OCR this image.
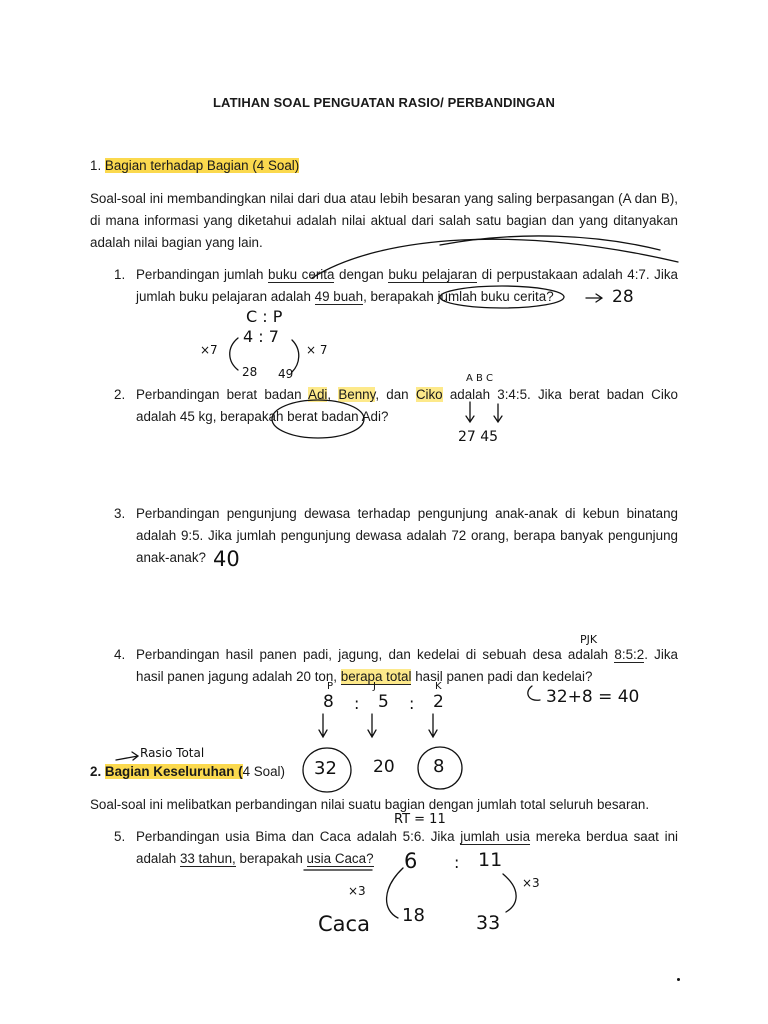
LATIHAN SOAL PENGUATAN RASIO/ PERBANDINGAN
1. Bagian terhadap Bagian (4 Soal)
Soal-soal ini membandingkan nilai dari dua atau lebih besaran yang saling berpasangan (A dan B), di mana informasi yang diketahui adalah nilai aktual dari salah satu bagian dan yang ditanyakan adalah nilai bagian yang lain.
1. Perbandingan jumlah buku cerita dengan buku pelajaran di perpustakaan adalah 4:7. Jika jumlah buku pelajaran adalah 49 buah, berapakah jumlah buku cerita?
2. Perbandingan berat badan Adi, Benny, dan Ciko adalah 3:4:5. Jika berat badan Ciko adalah 45 kg, berapakah berat badan Adi?
3. Perbandingan pengunjung dewasa terhadap pengunjung anak-anak di kebun binatang adalah 9:5. Jika jumlah pengunjung dewasa adalah 72 orang, berapa banyak pengunjung anak-anak?
4. Perbandingan hasil panen padi, jagung, dan kedelai di sebuah desa adalah 8:5:2. Jika hasil panen jagung adalah 20 ton, berapa total hasil panen padi dan kedelai?
2. Bagian Keseluruhan (4 Soal)
Soal-soal ini melibatkan perbandingan nilai suatu bagian dengan jumlah total seluruh besaran.
5. Perbandingan usia Bima dan Caca adalah 5:6. Jika jumlah usia mereka berdua saat ini adalah 33 tahun, berapakah usia Caca?
28
C : P
4 : 7
×7	× 7
28 49	A B C
27 45
40
PJK
P	J	K
8 : 5 : 2	32+8 = 40
32 20 8
Rasio Total
RT = 11
6 : 11
×3
×3
Caca 18	33
